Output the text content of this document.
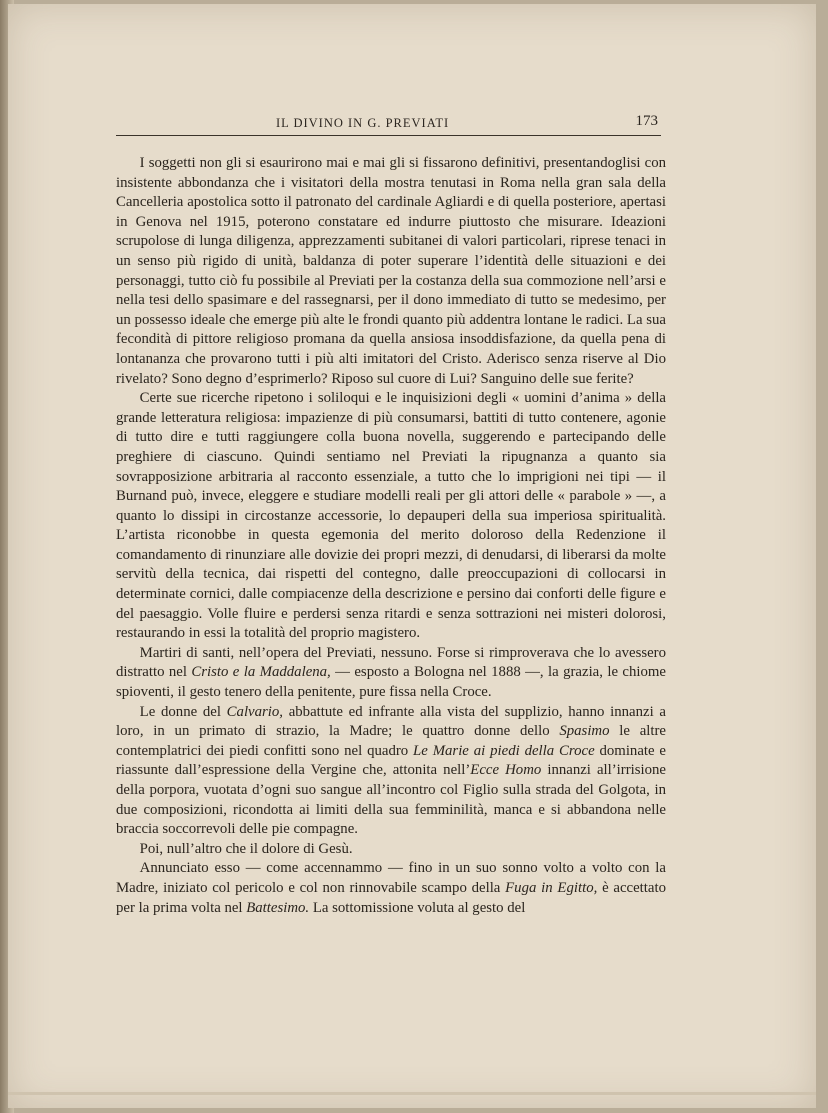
IL DIVINO IN G. PREVIATI	173

I soggetti non gli si esaurirono mai e mai gli si fissarono definitivi, presentandoglisi con insistente abbondanza che i visitatori della mostra tenutasi in Roma nella gran sala della Cancelleria apostolica sotto il patronato del cardinale Agliardi e di quella posteriore, apertasi in Genova nel 1915, poterono constatare ed indurre piuttosto che misurare. Ideazioni scrupolose di lunga diligenza, apprezzamenti subitanei di valori particolari, riprese tenaci in un senso più rigido di unità, baldanza di poter superare l’identità delle situazioni e dei personaggi, tutto ciò fu possibile al Previati per la costanza della sua commozione nell’arsi e nella tesi dello spasimare e del rassegnarsi, per il dono immediato di tutto se medesimo, per un possesso ideale che emerge più alte le frondi quanto più addentra lontane le radici. La sua fecondità di pittore religioso promana da quella ansiosa insoddisfazione, da quella pena di lontananza che provarono tutti i più alti imitatori del Cristo. Aderisco senza riserve al Dio rivelato? Sono degno d’esprimerlo? Riposo sul cuore di Lui? Sanguino delle sue ferite?

Certe sue ricerche ripetono i soliloqui e le inquisizioni degli « uomini d’anima » della grande letteratura religiosa: impazienze di più consumarsi, battiti di tutto contenere, agonie di tutto dire e tutti raggiungere colla buona novella, suggerendo e partecipando delle preghiere di ciascuno. Quindi sentiamo nel Previati la ripugnanza a quanto sia sovrapposizione arbitraria al racconto essenziale, a tutto che lo imprigioni nei tipi — il Burnand può, invece, eleggere e studiare modelli reali per gli attori delle « parabole » —, a quanto lo dissipi in circostanze accessorie, lo depauperi della sua imperiosa spiritualità. L’artista riconobbe in questa egemonia del merito doloroso della Redenzione il comandamento di rinunziare alle dovizie dei propri mezzi, di denudarsi, di liberarsi da molte servitù della tecnica, dai rispetti del contegno, dalle preoccupazioni di collocarsi in determinate cornici, dalle compiacenze della descrizione e persino dai conforti delle figure e del paesaggio. Volle fluire e perdersi senza ritardi e senza sottrazioni nei misteri dolorosi, restaurando in essi la totalità del proprio magistero.

Martiri di santi, nell’opera del Previati, nessuno. Forse si rimproverava che lo avessero distratto nel Cristo e la Maddalena, — esposto a Bologna nel 1888 —, la grazia, le chiome spioventi, il gesto tenero della penitente, pure fissa nella Croce.

Le donne del Calvario, abbattute ed infrante alla vista del supplizio, hanno innanzi a loro, in un primato di strazio, la Madre; le quattro donne dello Spasimo le altre contemplatrici dei piedi confitti sono nel quadro Le Marie ai piedi della Croce dominate e riassunte dall’espressione della Vergine che, attonita nell’Ecce Homo innanzi all’irrisione della porpora, vuotata d’ogni suo sangue all’incontro col Figlio sulla strada del Golgota, in due composizioni, ricondotta ai limiti della sua femminilità, manca e si abbandona nelle braccia soccorrevoli delle pie compagne.

Poi, null’altro che il dolore di Gesù.

Annunciato esso — come accennammo — fino in un suo sonno volto a volto con la Madre, iniziato col pericolo e col non rinnovabile scampo della Fuga in Egitto, è accettato per la prima volta nel Battesimo. La sottomissione voluta al gesto del
